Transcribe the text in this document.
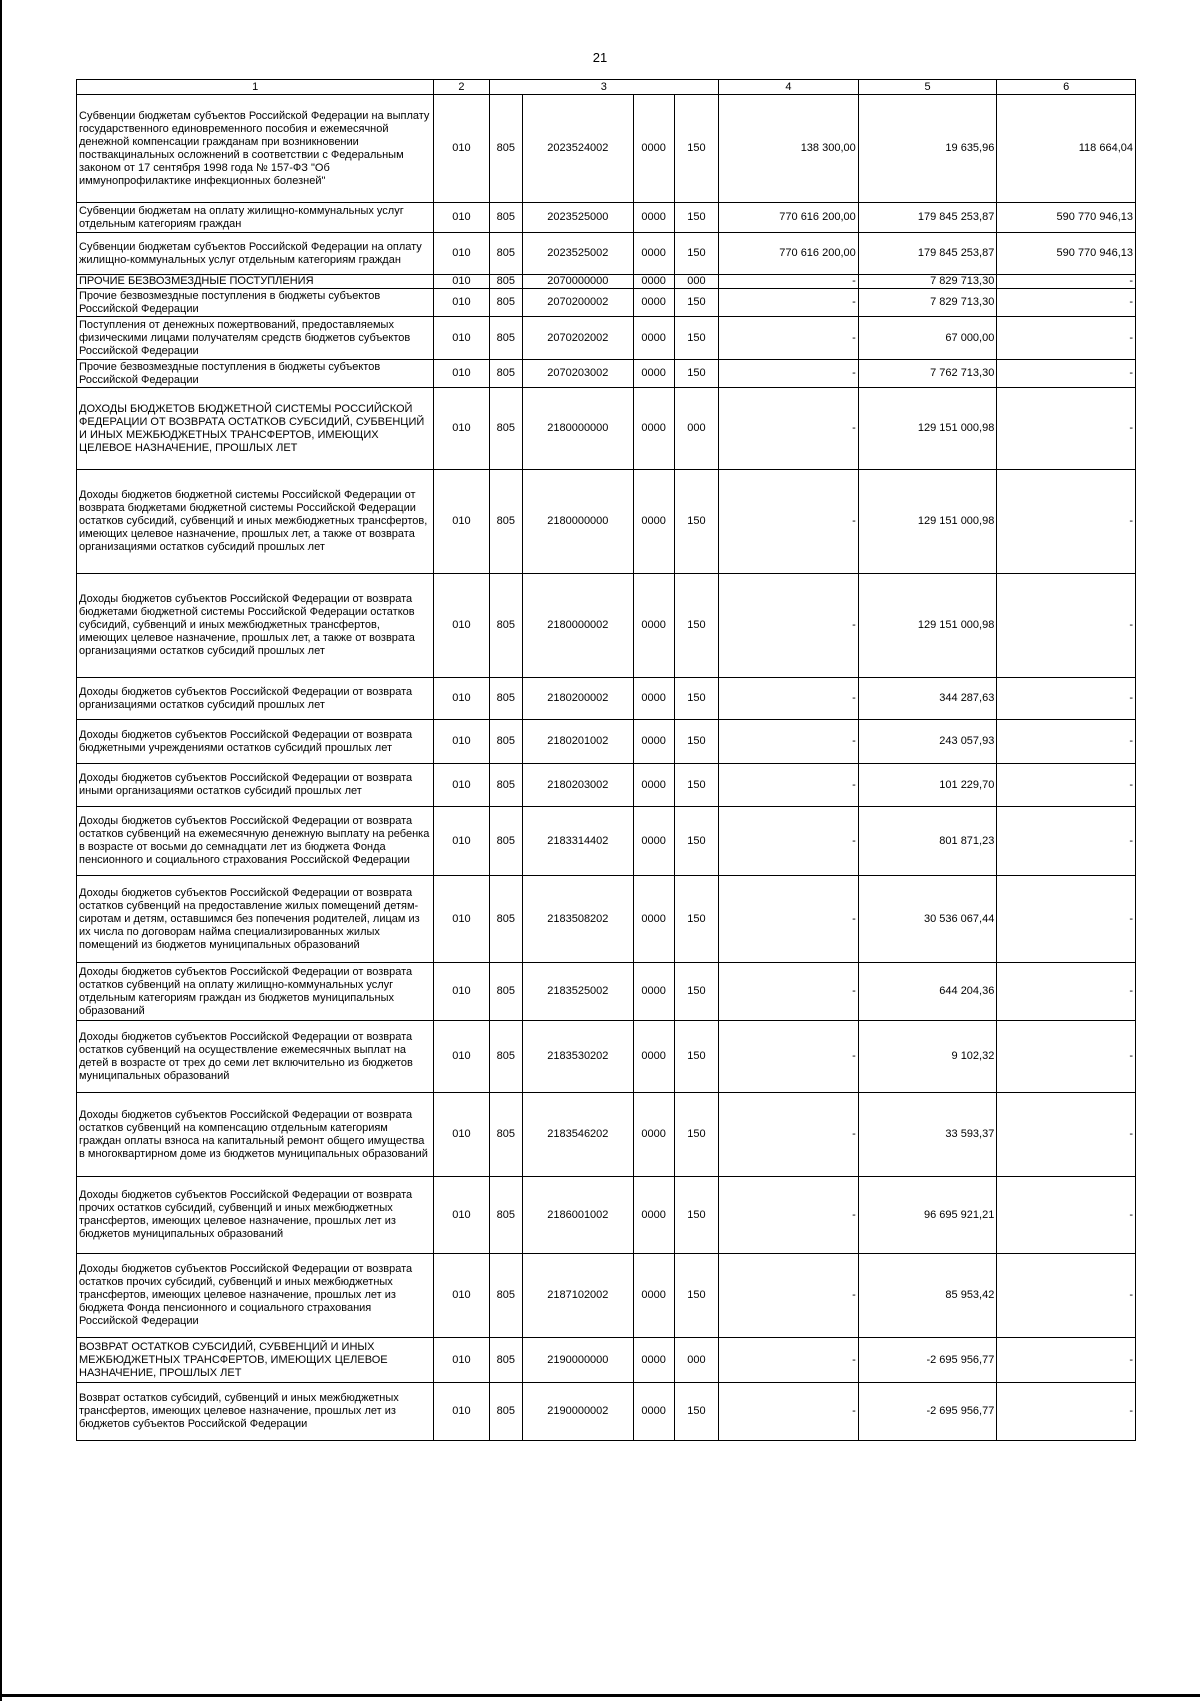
21
1	2	3				4	5	6
Субвенции бюджетам субъектов Российской Федерации на выплату государственного единовременного пособия и ежемесячной денежной компенсации гражданам при возникновении поствакцинальных осложнений в соответствии с Федеральным законом от 17 сентября 1998 года № 157-ФЗ "Об иммунопрофилактике инфекционных болезней"	010	805	2023524002	0000	150	138 300,00	19 635,96	118 664,04
Субвенции бюджетам на оплату жилищно-коммунальных услуг отдельным категориям граждан	010	805	2023525000	0000	150	770 616 200,00	179 845 253,87	590 770 946,13
Субвенции бюджетам субъектов Российской Федерации на оплату жилищно-коммунальных услуг отдельным категориям граждан	010	805	2023525002	0000	150	770 616 200,00	179 845 253,87	590 770 946,13
ПРОЧИЕ БЕЗВОЗМЕЗДНЫЕ ПОСТУПЛЕНИЯ	010	805	2070000000	0000	000	-	7 829 713,30	-
Прочие безвозмездные поступления в бюджеты субъектов Российской Федерации	010	805	2070200002	0000	150	-	7 829 713,30	-
Поступления от денежных пожертвований, предоставляемых физическими лицами получателям средств бюджетов субъектов Российской Федерации	010	805	2070202002	0000	150	-	67 000,00	-
Прочие безвозмездные поступления в бюджеты субъектов Российской Федерации	010	805	2070203002	0000	150	-	7 762 713,30	-
ДОХОДЫ БЮДЖЕТОВ БЮДЖЕТНОЙ СИСТЕМЫ РОССИЙСКОЙ ФЕДЕРАЦИИ ОТ ВОЗВРАТА ОСТАТКОВ СУБСИДИЙ, СУБВЕНЦИЙ И ИНЫХ МЕЖБЮДЖЕТНЫХ ТРАНСФЕРТОВ, ИМЕЮЩИХ ЦЕЛЕВОЕ НАЗНАЧЕНИЕ, ПРОШЛЫХ ЛЕТ	010	805	2180000000	0000	000	-	129 151 000,98	-
Доходы бюджетов бюджетной системы Российской Федерации от возврата бюджетами бюджетной системы Российской Федерации остатков субсидий, субвенций и иных межбюджетных трансфертов, имеющих целевое назначение, прошлых лет, а также от возврата организациями остатков субсидий прошлых лет	010	805	2180000000	0000	150	-	129 151 000,98	-
Доходы бюджетов субъектов Российской Федерации от возврата бюджетами бюджетной системы Российской Федерации остатков субсидий, субвенций и иных межбюджетных трансфертов, имеющих целевое назначение, прошлых лет, а также от возврата организациями остатков субсидий прошлых лет	010	805	2180000002	0000	150	-	129 151 000,98	-
Доходы бюджетов субъектов Российской Федерации от возврата организациями остатков субсидий прошлых лет	010	805	2180200002	0000	150	-	344 287,63	-
Доходы бюджетов субъектов Российской Федерации от возврата бюджетными учреждениями остатков субсидий прошлых лет	010	805	2180201002	0000	150	-	243 057,93	-
Доходы бюджетов субъектов Российской Федерации от возврата иными организациями остатков субсидий прошлых лет	010	805	2180203002	0000	150	-	101 229,70	-
Доходы бюджетов субъектов Российской Федерации от возврата остатков субвенций на ежемесячную денежную выплату на ребенка в возрасте от восьми до семнадцати лет из бюджета Фонда пенсионного и социального страхования Российской Федерации	010	805	2183314402	0000	150	-	801 871,23	-
Доходы бюджетов субъектов Российской Федерации от возврата остатков субвенций на предоставление жилых помещений детям-сиротам и детям, оставшимся без попечения родителей, лицам из их числа по договорам найма специализированных жилых помещений из бюджетов муниципальных образований	010	805	2183508202	0000	150	-	30 536 067,44	-
Доходы бюджетов субъектов Российской Федерации от возврата остатков субвенций на оплату жилищно-коммунальных услуг отдельным категориям граждан из бюджетов муниципальных образований	010	805	2183525002	0000	150	-	644 204,36	-
Доходы бюджетов субъектов Российской Федерации от возврата остатков субвенций на осуществление ежемесячных выплат на детей в возрасте от трех до семи лет включительно из бюджетов муниципальных образований	010	805	2183530202	0000	150	-	9 102,32	-
Доходы бюджетов субъектов Российской Федерации от возврата остатков субвенций на компенсацию отдельным категориям граждан оплаты взноса на капитальный ремонт общего имущества в многоквартирном доме из бюджетов муниципальных образований	010	805	2183546202	0000	150	-	33 593,37	-
Доходы бюджетов субъектов Российской Федерации от возврата прочих остатков субсидий, субвенций и иных межбюджетных трансфертов, имеющих целевое назначение, прошлых лет из бюджетов муниципальных образований	010	805	2186001002	0000	150	-	96 695 921,21	-
Доходы бюджетов субъектов Российской Федерации от возврата остатков прочих субсидий, субвенций и иных межбюджетных трансфертов, имеющих целевое назначение, прошлых лет из бюджета Фонда пенсионного и социального страхования Российской Федерации	010	805	2187102002	0000	150	-	85 953,42	-
ВОЗВРАТ ОСТАТКОВ СУБСИДИЙ, СУБВЕНЦИЙ И ИНЫХ МЕЖБЮДЖЕТНЫХ ТРАНСФЕРТОВ, ИМЕЮЩИХ ЦЕЛЕВОЕ НАЗНАЧЕНИЕ, ПРОШЛЫХ ЛЕТ	010	805	2190000000	0000	000	-	-2 695 956,77	-
Возврат остатков субсидий, субвенций и иных межбюджетных трансфертов, имеющих целевое назначение, прошлых лет из бюджетов субъектов Российской Федерации	010	805	2190000002	0000	150	-	-2 695 956,77	-
